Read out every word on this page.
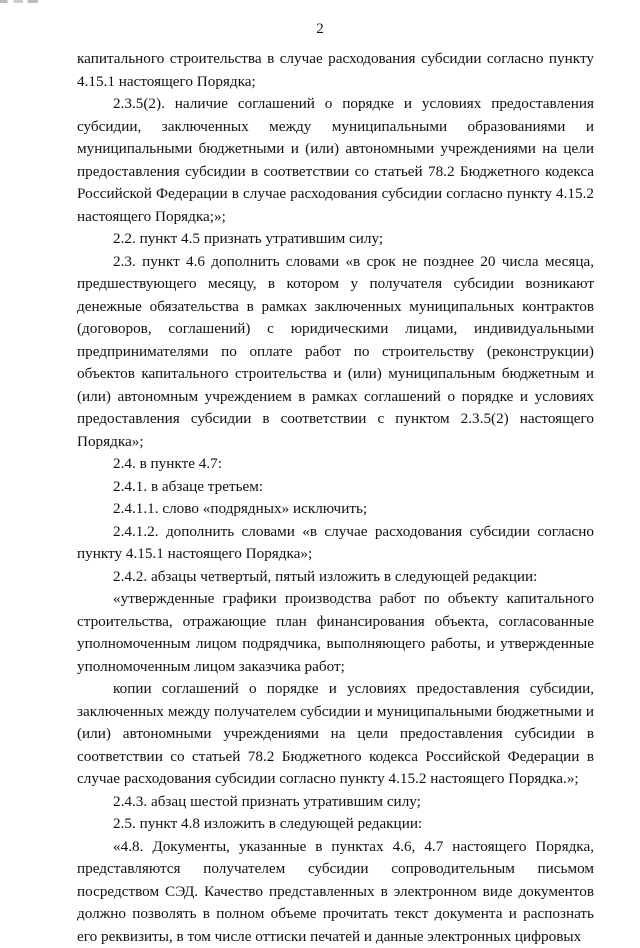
2

капитального строительства в случае расходования субсидии согласно пункту 4.15.1 настоящего Порядка;

2.3.5(2). наличие соглашений о порядке и условиях предоставления субсидии, заключенных между муниципальными образованиями и муниципальными бюджетными и (или) автономными учреждениями на цели предоставления субсидии в соответствии со статьей 78.2 Бюджетного кодекса Российской Федерации в случае расходования субсидии согласно пункту 4.15.2 настоящего Порядка;»;

2.2. пункт 4.5 признать утратившим силу;

2.3. пункт 4.6 дополнить словами «в срок не позднее 20 числа месяца, предшествующего месяцу, в котором у получателя субсидии возникают денежные обязательства в рамках заключенных муниципальных контрактов (договоров, соглашений) с юридическими лицами, индивидуальными предпринимателями по оплате работ по строительству (реконструкции) объектов капитального строительства и (или) муниципальным бюджетным и (или) автономным учреждением в рамках соглашений о порядке и условиях предоставления субсидии в соответствии с пунктом 2.3.5(2) настоящего Порядка»;

2.4. в пункте 4.7:

2.4.1. в абзаце третьем:

2.4.1.1. слово «подрядных» исключить;

2.4.1.2. дополнить словами «в случае расходования субсидии согласно пункту 4.15.1 настоящего Порядка»;

2.4.2. абзацы четвертый, пятый изложить в следующей редакции:

«утвержденные графики производства работ по объекту капитального строительства, отражающие план финансирования объекта, согласованные уполномоченным лицом подрядчика, выполняющего работы, и утвержденные уполномоченным лицом заказчика работ;

копии соглашений о порядке и условиях предоставления субсидии, заключенных между получателем субсидии и муниципальными бюджетными и (или) автономными учреждениями на цели предоставления субсидии в соответствии со статьей 78.2 Бюджетного кодекса Российской Федерации в случае расходования субсидии согласно пункту 4.15.2 настоящего Порядка.»;

2.4.3. абзац шестой признать утратившим силу;

2.5. пункт 4.8 изложить в следующей редакции:

«4.8. Документы, указанные в пунктах 4.6, 4.7 настоящего Порядка, представляются получателем субсидии сопроводительным письмом посредством СЭД. Качество представленных в электронном виде документов должно позволять в полном объеме прочитать текст документа и распознать его реквизиты, в том числе оттиски печатей и данные электронных цифровых
